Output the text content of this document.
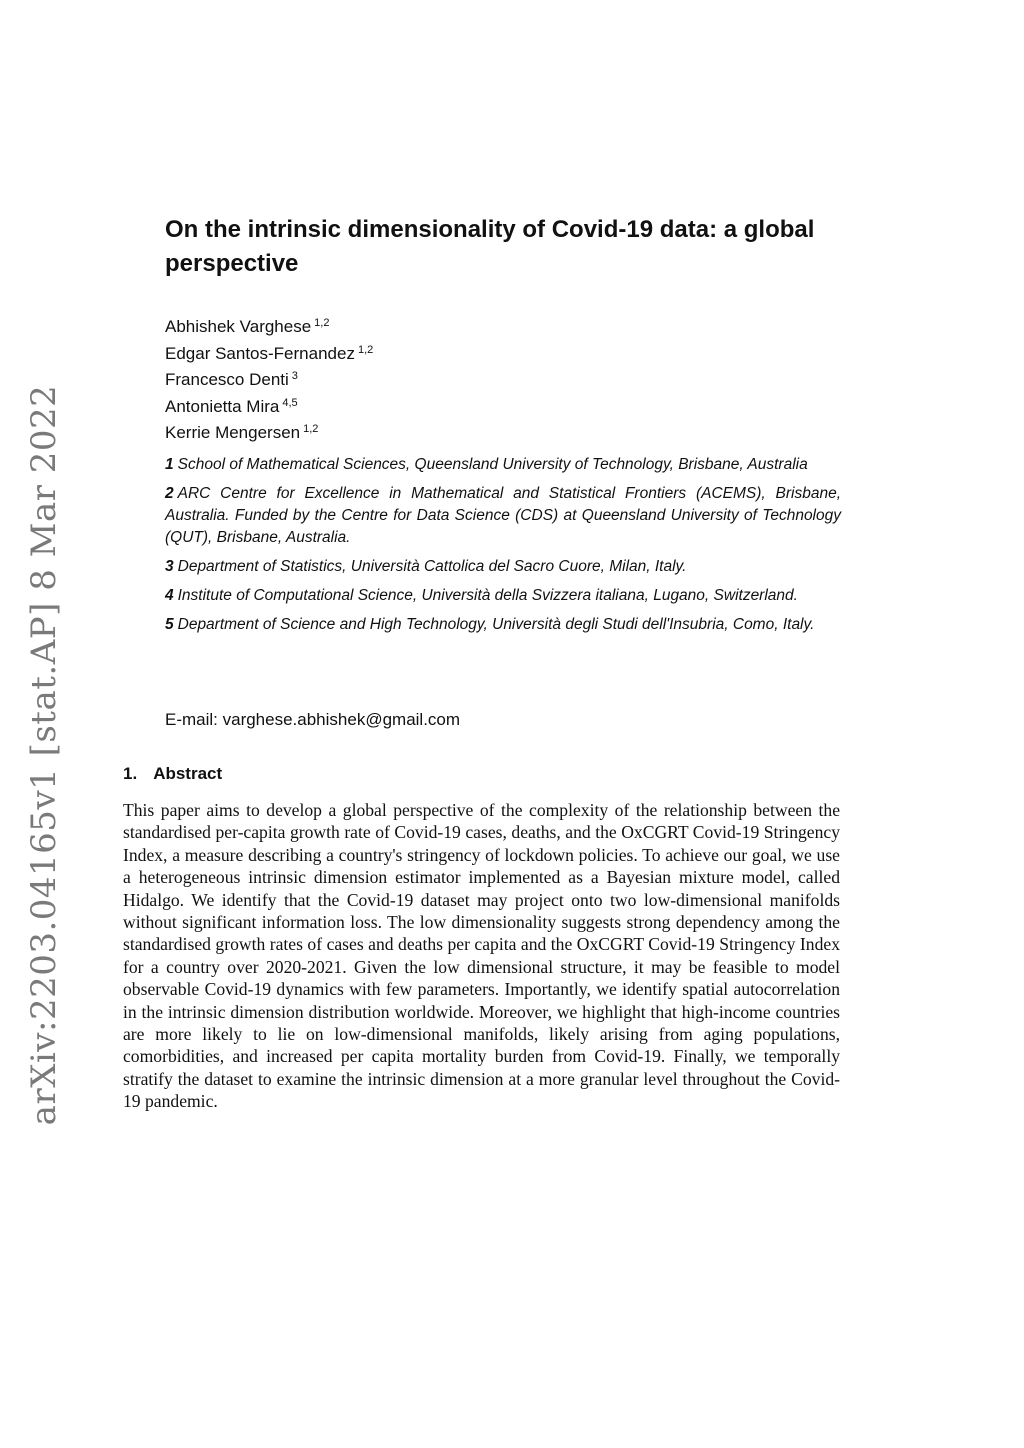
arXiv:2203.04165v1 [stat.AP] 8 Mar 2022
On the intrinsic dimensionality of Covid-19 data: a global perspective
Abhishek Varghese $^{1,2}$
Edgar Santos-Fernandez $^{1,2}$
Francesco Denti $^3$
Antonietta Mira $^{4,5}$
Kerrie Mengersen $^{1,2}$
1 School of Mathematical Sciences, Queensland University of Technology, Brisbane, Australia
2 ARC Centre for Excellence in Mathematical and Statistical Frontiers (ACEMS), Brisbane, Australia. Funded by the Centre for Data Science (CDS) at Queensland University of Technology (QUT), Brisbane, Australia.
3 Department of Statistics, Università Cattolica del Sacro Cuore, Milan, Italy.
4 Institute of Computational Science, Università della Svizzera italiana, Lugano, Switzerland.
5 Department of Science and High Technology, Università degli Studi dell'Insubria, Como, Italy.
E-mail: varghese.abhishek@gmail.com
1. Abstract

This paper aims to develop a global perspective of the complexity of the relationship between the standardised per-capita growth rate of Covid-19 cases, deaths, and the OxCGRT Covid-19 Stringency Index, a measure describing a country's stringency of lockdown policies. To achieve our goal, we use a heterogeneous intrinsic dimension estimator implemented as a Bayesian mixture model, called Hidalgo. We identify that the Covid-19 dataset may project onto two low-dimensional manifolds without significant information loss. The low dimensionality suggests strong dependency among the standardised growth rates of cases and deaths per capita and the OxCGRT Covid-19 Stringency Index for a country over 2020-2021. Given the low dimensional structure, it may be feasible to model observable Covid-19 dynamics with few parameters. Importantly, we identify spatial autocorrelation in the intrinsic dimension distribution worldwide. Moreover, we highlight that high-income countries are more likely to lie on low-dimensional manifolds, likely arising from aging populations, comorbidities, and increased per capita mortality burden from Covid-19. Finally, we temporally stratify the dataset to examine the intrinsic dimension at a more granular level throughout the Covid-19 pandemic.
